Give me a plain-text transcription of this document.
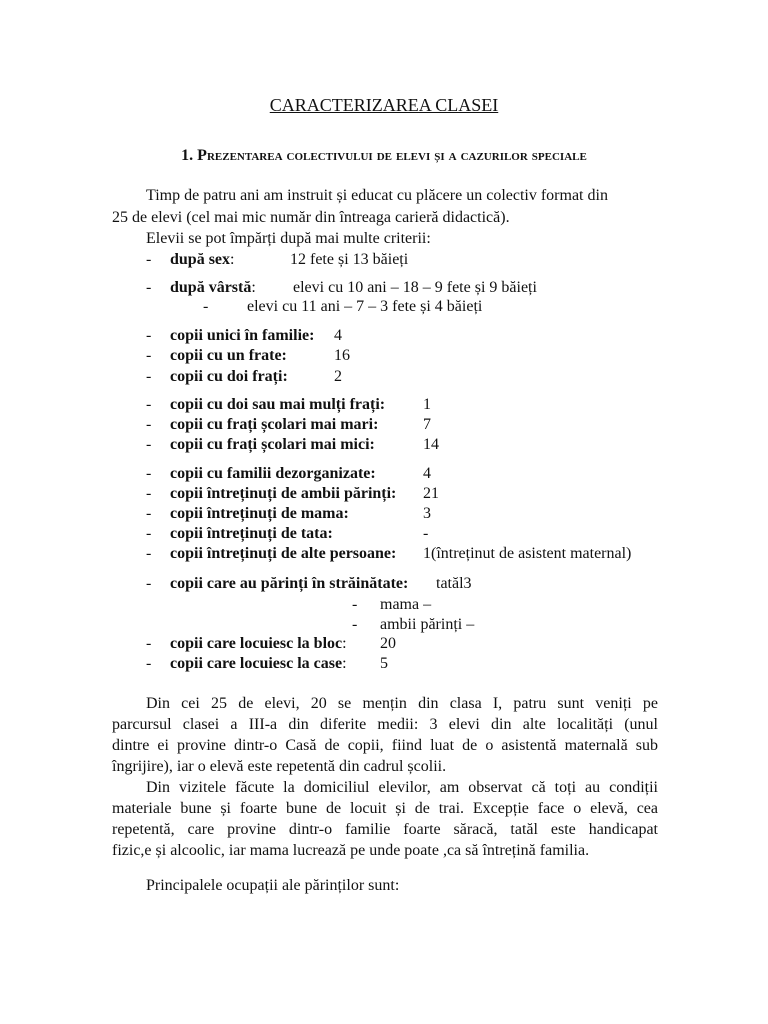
CARACTERIZAREA CLASEI
1. Prezentarea colectivului de elevi și a cazurilor speciale
Timp de patru ani am instruit și educat cu plăcere un colectiv format din
25 de elevi (cel mai mic număr din întreaga carieră didactică).
Elevii se pot împărți după mai multe criterii:
- după sex:	12 fete și 13 băieți
- după vârstă: elevi cu 10 ani – 18 – 9 fete și 9 băieți
- elevi cu 11 ani – 7 – 3 fete și 4 băieți
- copii unici în familie: 4
- copii cu un frate:	16
- copii cu doi frați:	2
- copii cu doi sau mai mulți frați: 1
- copii cu frați școlari mai mari:	7
- copii cu frați școlari mai mici:	14
- copii cu familii dezorganizate:	4
- copii întreținuți de ambii părinți: 21
- copii întreținuți de mama:	3
- copii întreținuți de tata:	-
- copii întreținuți de alte persoane: 1(întreținut de asistent maternal)
- copii care au părinți în străinătate: tatăl3
- mama –
- ambii părinți –
- copii care locuiesc la bloc: 20
- copii care locuiesc la case: 5
Din cei 25 de elevi, 20 se mențin din clasa I, patru sunt veniți pe
parcursul clasei a III-a din diferite medii: 3 elevi din alte localități (unul
dintre ei provine dintr-o Casă de copii, fiind luat de o asistentă maternală sub
îngrijire), iar o elevă este repetentă din cadrul școlii.
Din vizitele făcute la domiciliul elevilor, am observat că toți au condiții
materiale bune și foarte bune de locuit și de trai. Excepție face o elevă, cea
repetentă, care provine dintr-o familie foarte săracă, tatăl este handicapat
fizic,e și alcoolic, iar mama lucrează pe unde poate ,ca să întrețină familia.
Principalele ocupații ale părinților sunt:
